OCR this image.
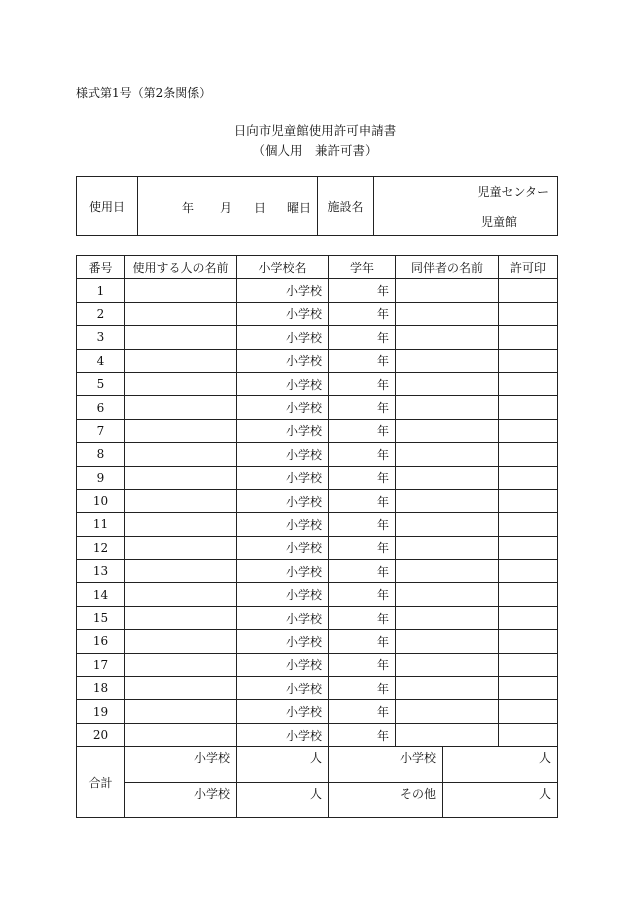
様式第1号（第2条関係）
日向市児童館使用許可申請書
（個人用　兼許可書）
使用日	年 月 日 曜日	施設名	
児童センター
児童館
番号	使用する人の名前	小学校名	学年	同伴者の名前	許可印
1		小学校	年		
2		小学校	年		
3		小学校	年		
4		小学校	年		
5		小学校	年		
6		小学校	年		
7		小学校	年		
8		小学校	年		
9		小学校	年		
10		小学校	年		
11		小学校	年		
12		小学校	年		
13		小学校	年		
14		小学校	年		
15		小学校	年		
16		小学校	年		
17		小学校	年		
18		小学校	年		
19		小学校	年		
20		小学校	年		
合計	小学校	人	小学校	人
	小学校	人	その他	人
